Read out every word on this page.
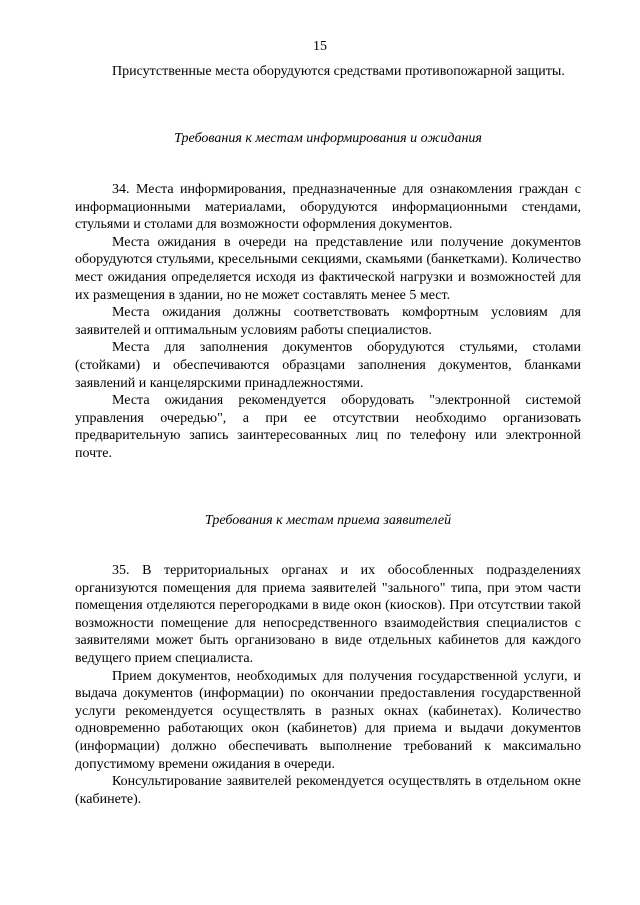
15

Присутственные места оборудуются средствами противопожарной защиты.

Требования к местам информирования и ожидания

34. Места информирования, предназначенные для ознакомления граждан с информационными материалами, оборудуются информационными стендами, стульями и столами для возможности оформления документов.

Места ожидания в очереди на представление или получение документов оборудуются стульями, кресельными секциями, скамьями (банкетками). Количество мест ожидания определяется исходя из фактической нагрузки и возможностей для их размещения в здании, но не может составлять менее 5 мест.

Места ожидания должны соответствовать комфортным условиям для заявителей и оптимальным условиям работы специалистов.

Места для заполнения документов оборудуются стульями, столами (стойками) и обеспечиваются образцами заполнения документов, бланками заявлений и канцелярскими принадлежностями.

Места ожидания рекомендуется оборудовать "электронной системой управления очередью", а при ее отсутствии необходимо организовать предварительную запись заинтересованных лиц по телефону или электронной почте.

Требования к местам приема заявителей

35. В территориальных органах и их обособленных подразделениях организуются помещения для приема заявителей "зального" типа, при этом части помещения отделяются перегородками в виде окон (киосков). При отсутствии такой возможности помещение для непосредственного взаимодействия специалистов с заявителями может быть организовано в виде отдельных кабинетов для каждого ведущего прием специалиста.

Прием документов, необходимых для получения государственной услуги, и выдача документов (информации) по окончании предоставления государственной услуги рекомендуется осуществлять в разных окнах (кабинетах). Количество одновременно работающих окон (кабинетов) для приема и выдачи документов (информации) должно обеспечивать выполнение требований к максимально допустимому времени ожидания в очереди.

Консультирование заявителей рекомендуется осуществлять в отдельном окне (кабинете).
